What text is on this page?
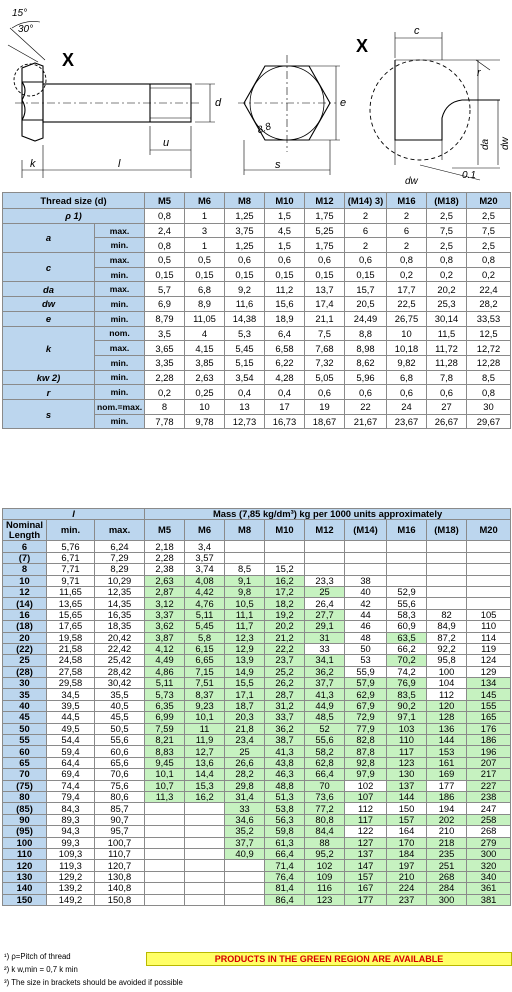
15°
30°
X
k	l
u
d
8.8
s
e
X
c
r
da dw
dw
0.1
Thread size (d)		M5	M6	M8	M10	M12	(M14) 3)	M16	(M18)	M20
ρ 1)		0,8	1	1,25	1,5	1,75	2	2	2,5	2,5
a	max.	2,4	3	3,75	4,5	5,25	6	6	7,5	7,5
	min.	0,8	1	1,25	1,5	1,75	2	2	2,5	2,5
c	max.	0,5	0,5	0,6	0,6	0,6	0,6	0,8	0,8	0,8
	min.	0,15	0,15	0,15	0,15	0,15	0,15	0,2	0,2	0,2
da	max.	5,7	6,8	9,2	11,2	13,7	15,7	17,7	20,2	22,4
dw	min.	6,9	8,9	11,6	15,6	17,4	20,5	22,5	25,3	28,2
e	min.	8,79	11,05	14,38	18,9	21,1	24,49	26,75	30,14	33,53
k	nom.	3,5	4	5,3	6,4	7,5	8,8	10	11,5	12,5
	max.	3,65	4,15	5,45	6,58	7,68	8,98	10,18	11,72	12,72
	min.	3,35	3,85	5,15	6,22	7,32	8,62	9,82	11,28	12,28
kw 2)	min.	2,28	2,63	3,54	4,28	5,05	5,96	6,8	7,8	8,5
r	min.	0,2	0,25	0,4	0,4	0,6	0,6	0,6	0,6	0,8
s	nom.=max.	8	10	13	17	19	22	24	27	30
	min.	7,78	9,78	12,73	16,73	18,67	21,67	23,67	26,67	29,67
l			Mass (7,85 kg/dm³) kg per 1000 units approximately								
Nominal Length	min.	max.	M5	M6	M8	M10	M12	(M14)	M16	(M18)	M20
6	5,76	6,24	2,18	3,4							
(7)	6,71	7,29	2,28	3,57							
8	7,71	8,29	2,38	3,74	8,5	15,2					
10	9,71	10,29	2,63	4,08	9,1	16,2	23,3	38			
12	11,65	12,35	2,87	4,42	9,8	17,2	25	40	52,9		
(14)	13,65	14,35	3,12	4,76	10,5	18,2	26,4	42	55,6		
16	15,65	16,35	3,37	5,11	11,1	19,2	27,7	44	58,3	82	105
(18)	17,65	18,35	3,62	5,45	11,7	20,2	29,1	46	60,9	84,9	110
20	19,58	20,42	3,87	5,8	12,3	21,2	31	48	63,5	87,2	114
(22)	21,58	22,42	4,12	6,15	12,9	22,2	33	50	66,2	92,2	119
25	24,58	25,42	4,49	6,65	13,9	23,7	34,1	53	70,2	95,8	124
(28)	27,58	28,42	4,86	7,15	14,9	25,2	36,2	55,9	74,2	100	129
30	29,58	30,42	5,11	7,51	15,5	26,2	37,7	57,9	76,9	104	134
35	34,5	35,5	5,73	8,37	17,1	28,7	41,3	62,9	83,5	112	145
40	39,5	40,5	6,35	9,23	18,7	31,2	44,9	67,9	90,2	120	155
45	44,5	45,5	6,99	10,1	20,3	33,7	48,5	72,9	97,1	128	165
50	49,5	50,5	7,59	11	21,8	36,2	52	77,9	103	136	176
55	54,4	55,6	8,21	11,9	23,4	38,7	55,6	82,8	110	144	186
60	59,4	60,6	8,83	12,7	25	41,3	58,2	87,8	117	153	196
65	64,4	65,6	9,45	13,6	26,6	43,8	62,8	92,8	123	161	207
70	69,4	70,6	10,1	14,4	28,2	46,3	66,4	97,9	130	169	217
(75)	74,4	75,6	10,7	15,3	29,8	48,8	70	102	137	177	227
80	79,4	80,6	11,3	16,2	31,4	51,3	73,6	107	144	186	238
(85)	84,3	85,7			33	53,8	77,2	112	150	194	247
90	89,3	90,7			34,6	56,3	80,8	117	157	202	258
(95)	94,3	95,7			35,2	59,8	84,4	122	164	210	268
100	99,3	100,7			37,7	61,3	88	127	170	218	279
110	109,3	110,7			40,9	66,4	95,2	137	184	235	300
120	119,3	120,7				71,4	102	147	197	251	320
130	129,2	130,8				76,4	109	157	210	268	340
140	139,2	140,8				81,4	116	167	224	284	361
150	149,2	150,8				86,4	123	177	237	300	381
¹) ρ=Pitch of thread
²) k w,min = 0,7 k min
³) The size in brackets should be avoided if possible
PRODUCTS IN THE GREEN REGION ARE AVAILABLE
